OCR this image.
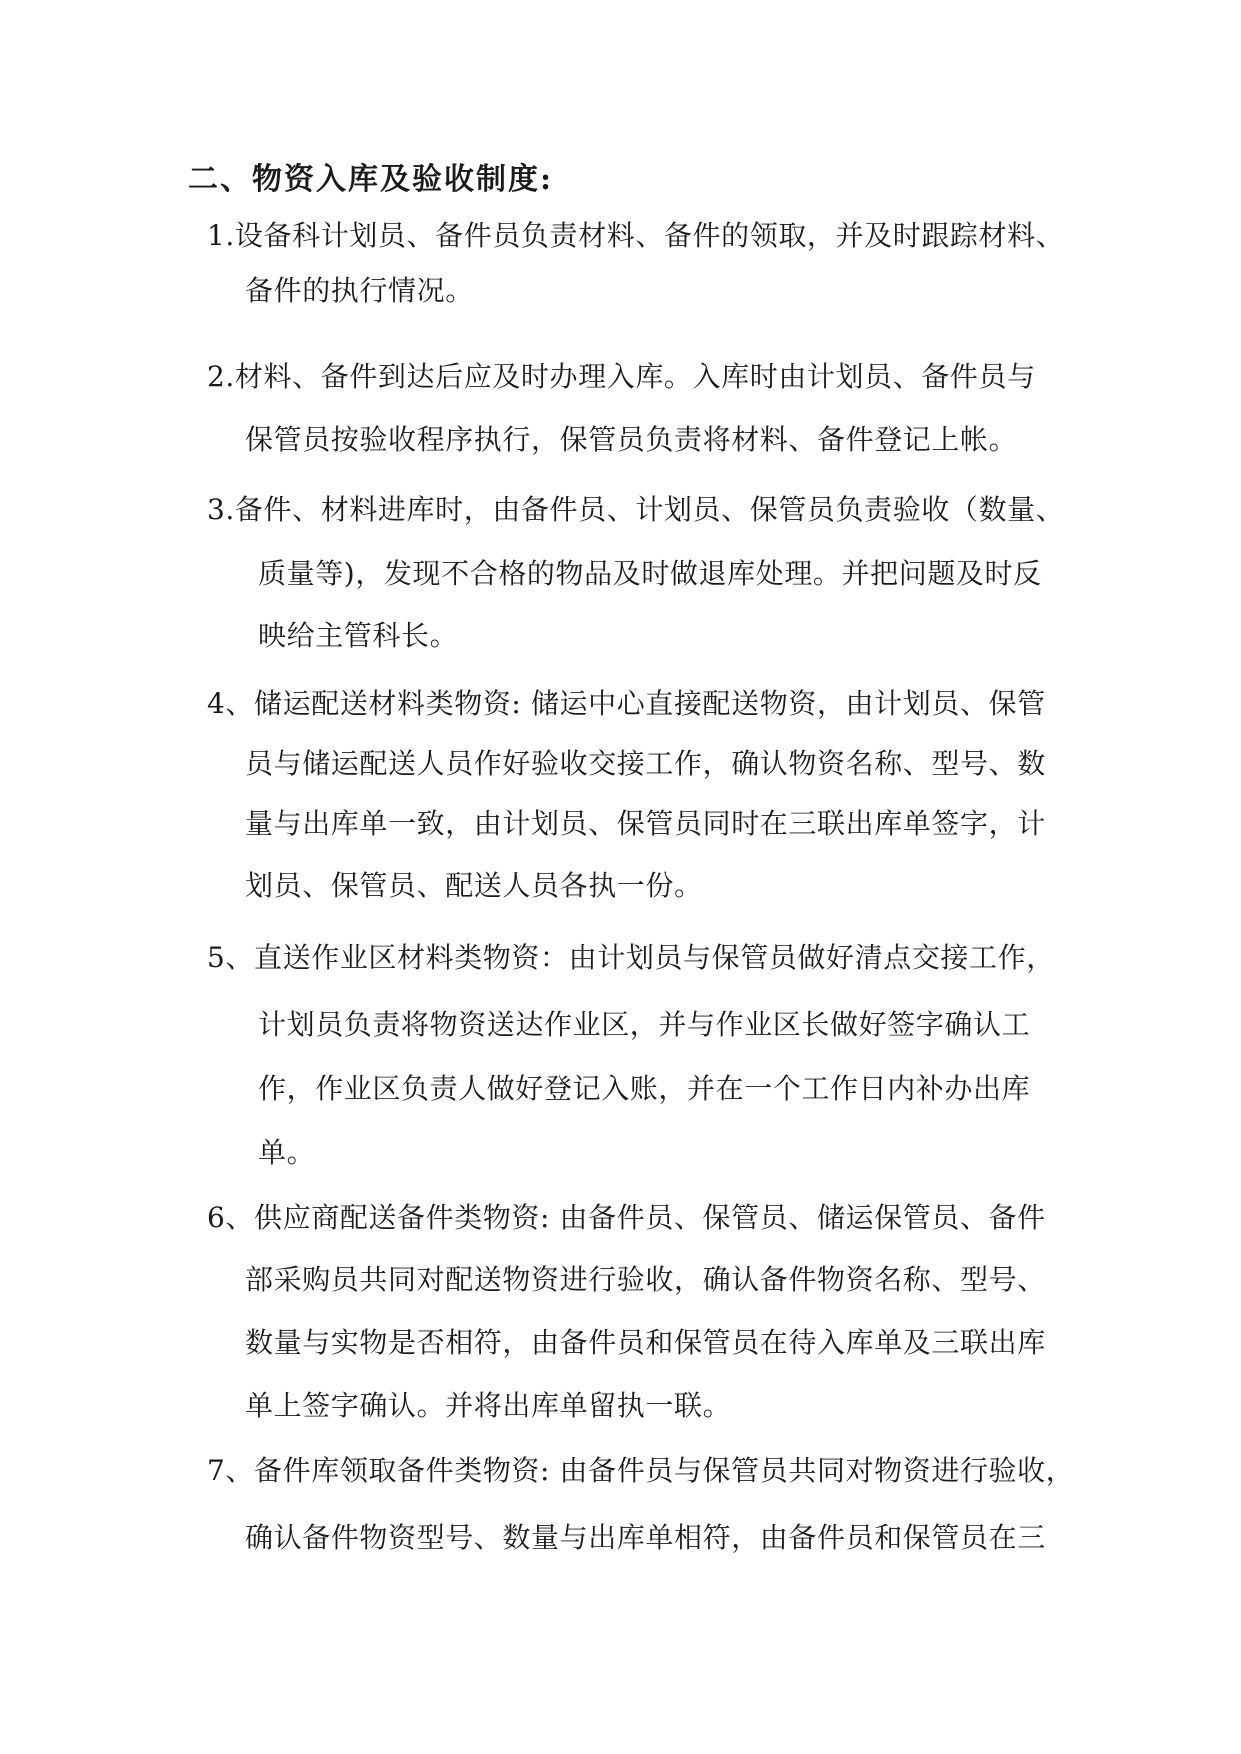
二、物资入库及验收制度:
1.设备科计划员、备件员负责材料、备件的领取，并及时跟踪材料、
备件的执行情况。
2.材料、备件到达后应及时办理入库。入库时由计划员、备件员与
保管员按验收程序执行，保管员负责将材料、备件登记上帐。
3.备件、材料进库时，由备件员、计划员、保管员负责验收（数量、
质量等)，发现不合格的物品及时做退库处理。并把问题及时反
映给主管科长。
4、储运配送材料类物资: 储运中心直接配送物资，由计划员、保管
员与储运配送人员作好验收交接工作，确认物资名称、型号、数
量与出库单一致，由计划员、保管员同时在三联出库单签字，计
划员、保管员、配送人员各执一份。
5、直送作业区材料类物资：由计划员与保管员做好清点交接工作，
计划员负责将物资送达作业区，并与作业区长做好签字确认工
作，作业区负责人做好登记入账，并在一个工作日内补办出库
单。
6、供应商配送备件类物资: 由备件员、保管员、储运保管员、备件
部采购员共同对配送物资进行验收，确认备件物资名称、型号、
数量与实物是否相符，由备件员和保管员在待入库单及三联出库
单上签字确认。并将出库单留执一联。
7、备件库领取备件类物资: 由备件员与保管员共同对物资进行验收，
确认备件物资型号、数量与出库单相符，由备件员和保管员在三
